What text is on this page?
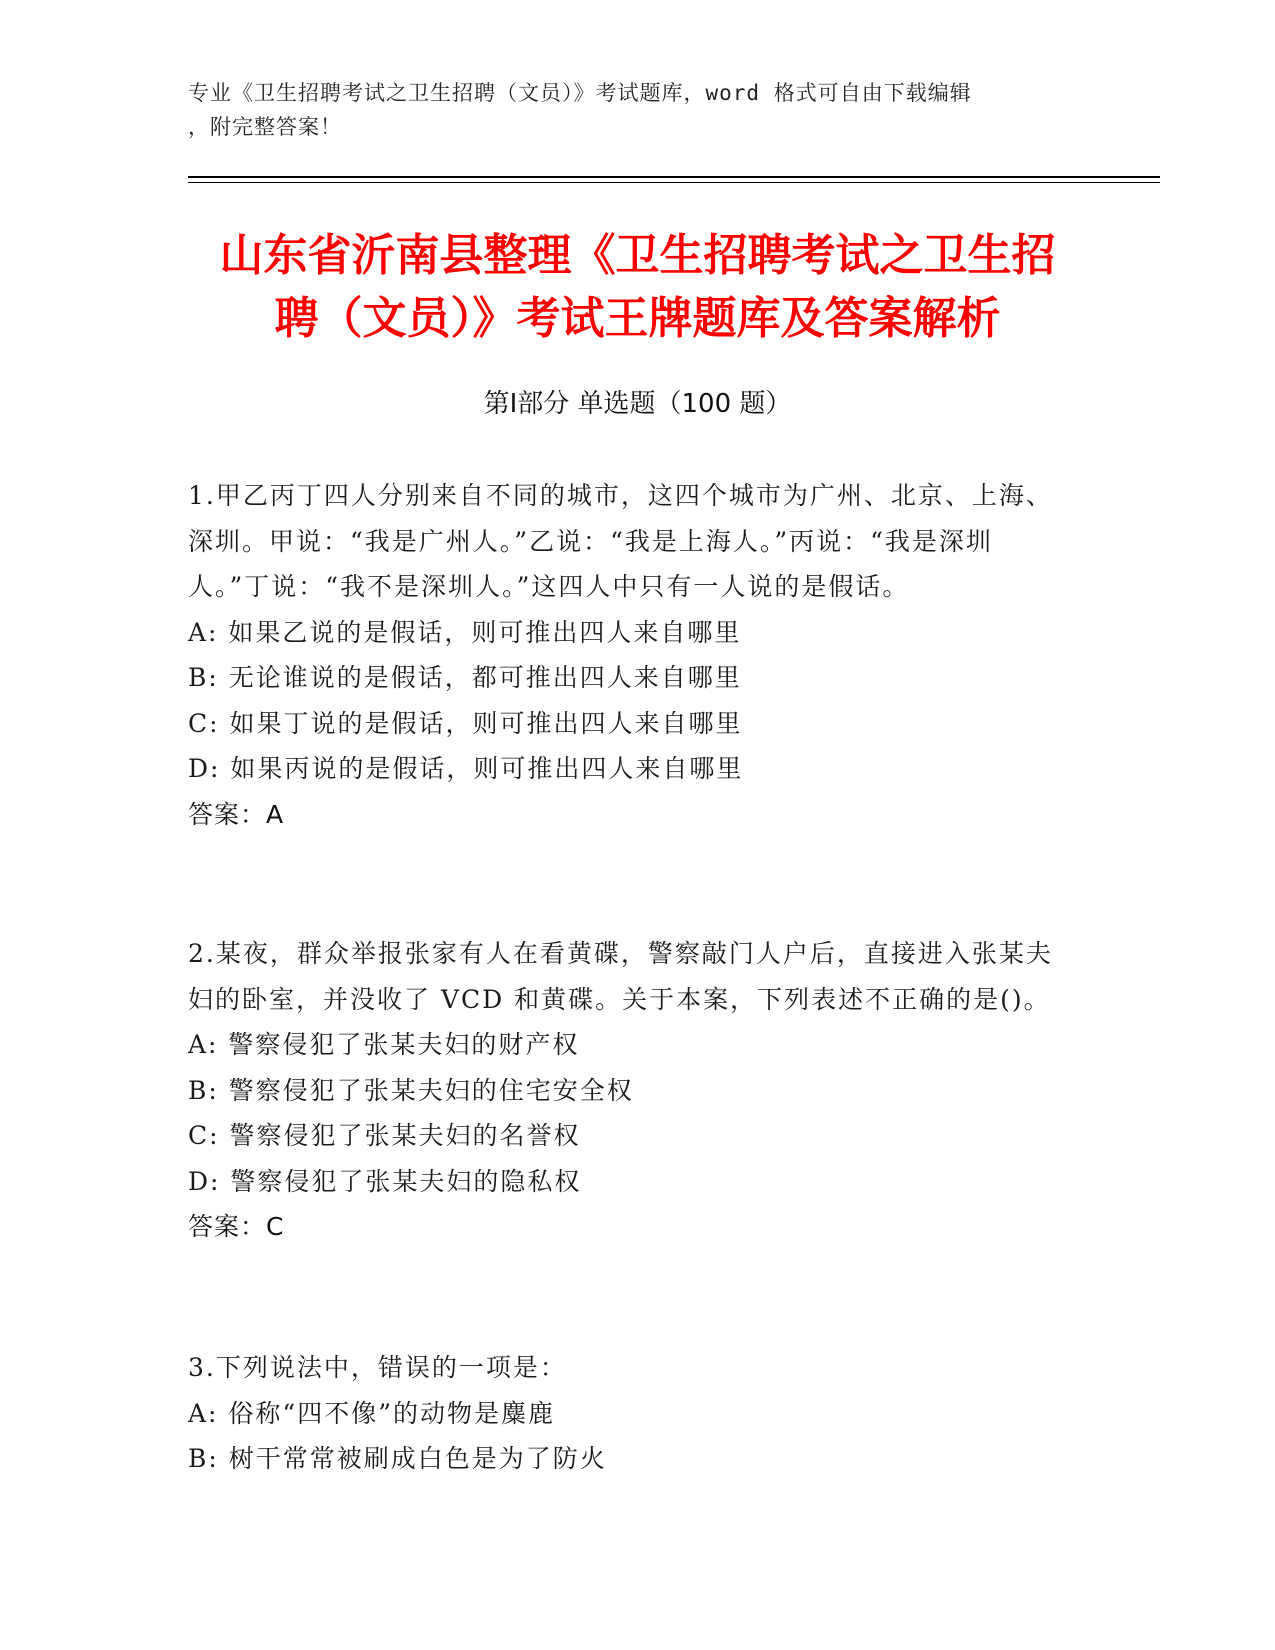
专业《卫生招聘考试之卫生招聘（文员）》考试题库，word 格式可自由下载编辑
，附完整答案！
山东省沂南县整理《卫生招聘考试之卫生招
聘（文员）》考试王牌题库及答案解析
第Ⅰ部分 单选题（100 题）

1.甲乙丙丁四人分别来自不同的城市，这四个城市为广州、北京、上海、深圳。甲说：“我是广州人。”乙说：“我是上海人。”丙说：“我是深圳人。”丁说：“我不是深圳人。”这四人中只有一人说的是假话。

A: 如果乙说的是假话，则可推出四人来自哪里

B: 无论谁说的是假话，都可推出四人来自哪里

C: 如果丁说的是假话，则可推出四人来自哪里

D: 如果丙说的是假话，则可推出四人来自哪里

答案：A

2.某夜，群众举报张家有人在看黄碟，警察敲门人户后，直接进入张某夫妇的卧室，并没收了 VCD 和黄碟。关于本案，下列表述不正确的是()。

A: 警察侵犯了张某夫妇的财产权

B: 警察侵犯了张某夫妇的住宅安全权

C: 警察侵犯了张某夫妇的名誉权

D: 警察侵犯了张某夫妇的隐私权

答案：C

3.下列说法中，错误的一项是：

A: 俗称“四不像”的动物是麋鹿

B: 树干常常被刷成白色是为了防火
